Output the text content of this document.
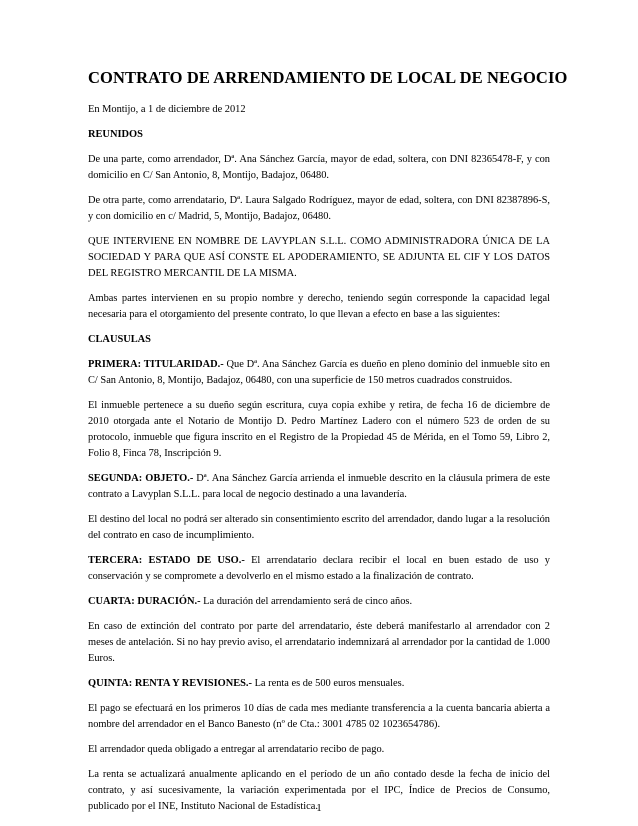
CONTRATO DE ARRENDAMIENTO DE LOCAL DE NEGOCIO

En Montijo, a 1 de diciembre de 2012

REUNIDOS

De una parte, como arrendador, Dª. Ana Sánchez García, mayor de edad, soltera, con DNI 82365478-F, y con domicilio en C/ San Antonio, 8, Montijo, Badajoz, 06480.

De otra parte, como arrendatario, Dª. Laura Salgado Rodríguez, mayor de edad, soltera, con DNI 82387896-S, y con domicilio en c/ Madrid, 5, Montijo, Badajoz, 06480.

QUE INTERVIENE EN NOMBRE DE LAVYPLAN S.L.L. COMO ADMINISTRADORA ÚNICA DE LA SOCIEDAD Y PARA QUE ASÍ CONSTE EL APODERAMIENTO, SE ADJUNTA EL CIF Y LOS DATOS DEL REGISTRO MERCANTIL DE LA MISMA.

Ambas partes intervienen en su propio nombre y derecho, teniendo según corresponde la capacidad legal necesaria para el otorgamiento del presente contrato, lo que llevan a efecto en base a las siguientes:

CLAUSULAS

PRIMERA: TITULARIDAD.- Que Dª. Ana Sánchez García es dueño en pleno dominio del inmueble sito en C/ San Antonio, 8, Montijo, Badajoz, 06480, con una superficie de 150 metros cuadrados construidos.

El inmueble pertenece a su dueño según escritura, cuya copia exhibe y retira, de fecha 16 de diciembre de 2010 otorgada ante el Notario de Montijo D. Pedro Martínez Ladero con el número 523 de orden de su protocolo, inmueble que figura inscrito en el Registro de la Propiedad 45 de Mérida, en el Tomo 59, Libro 2, Folio 8, Finca 78, Inscripción 9.

SEGUNDA: OBJETO.- Dª. Ana Sánchez García arrienda el inmueble descrito en la cláusula primera de este contrato a Lavyplan S.L.L. para local de negocio destinado a una lavandería.

El destino del local no podrá ser alterado sin consentimiento escrito del arrendador, dando lugar a la resolución del contrato en caso de incumplimiento.

TERCERA: ESTADO DE USO.- El arrendatario declara recibir el local en buen estado de uso y conservación y se compromete a devolverlo en el mismo estado a la finalización de contrato.

CUARTA: DURACIÓN.- La duración del arrendamiento será de cinco años.

En caso de extinción del contrato por parte del arrendatario, éste deberá manifestarlo al arrendador con 2 meses de antelación. Si no hay previo aviso, el arrendatario indemnizará al arrendador por la cantidad de 1.000 Euros.

QUINTA: RENTA Y REVISIONES.- La renta es de 500 euros mensuales.

El pago se efectuará en los primeros 10 días de cada mes mediante transferencia a la cuenta bancaria abierta a nombre del arrendador en el Banco Banesto (nº de Cta.: 3001 4785 02 1023654786).

El arrendador queda obligado a entregar al arrendatario recibo de pago.

La renta se actualizará anualmente aplicando en el período de un año contado desde la fecha de inicio del contrato, y así sucesivamente, la variación experimentada por el IPC, Índice de Precios de Consumo, publicado por el INE, Instituto Nacional de Estadística.

1
